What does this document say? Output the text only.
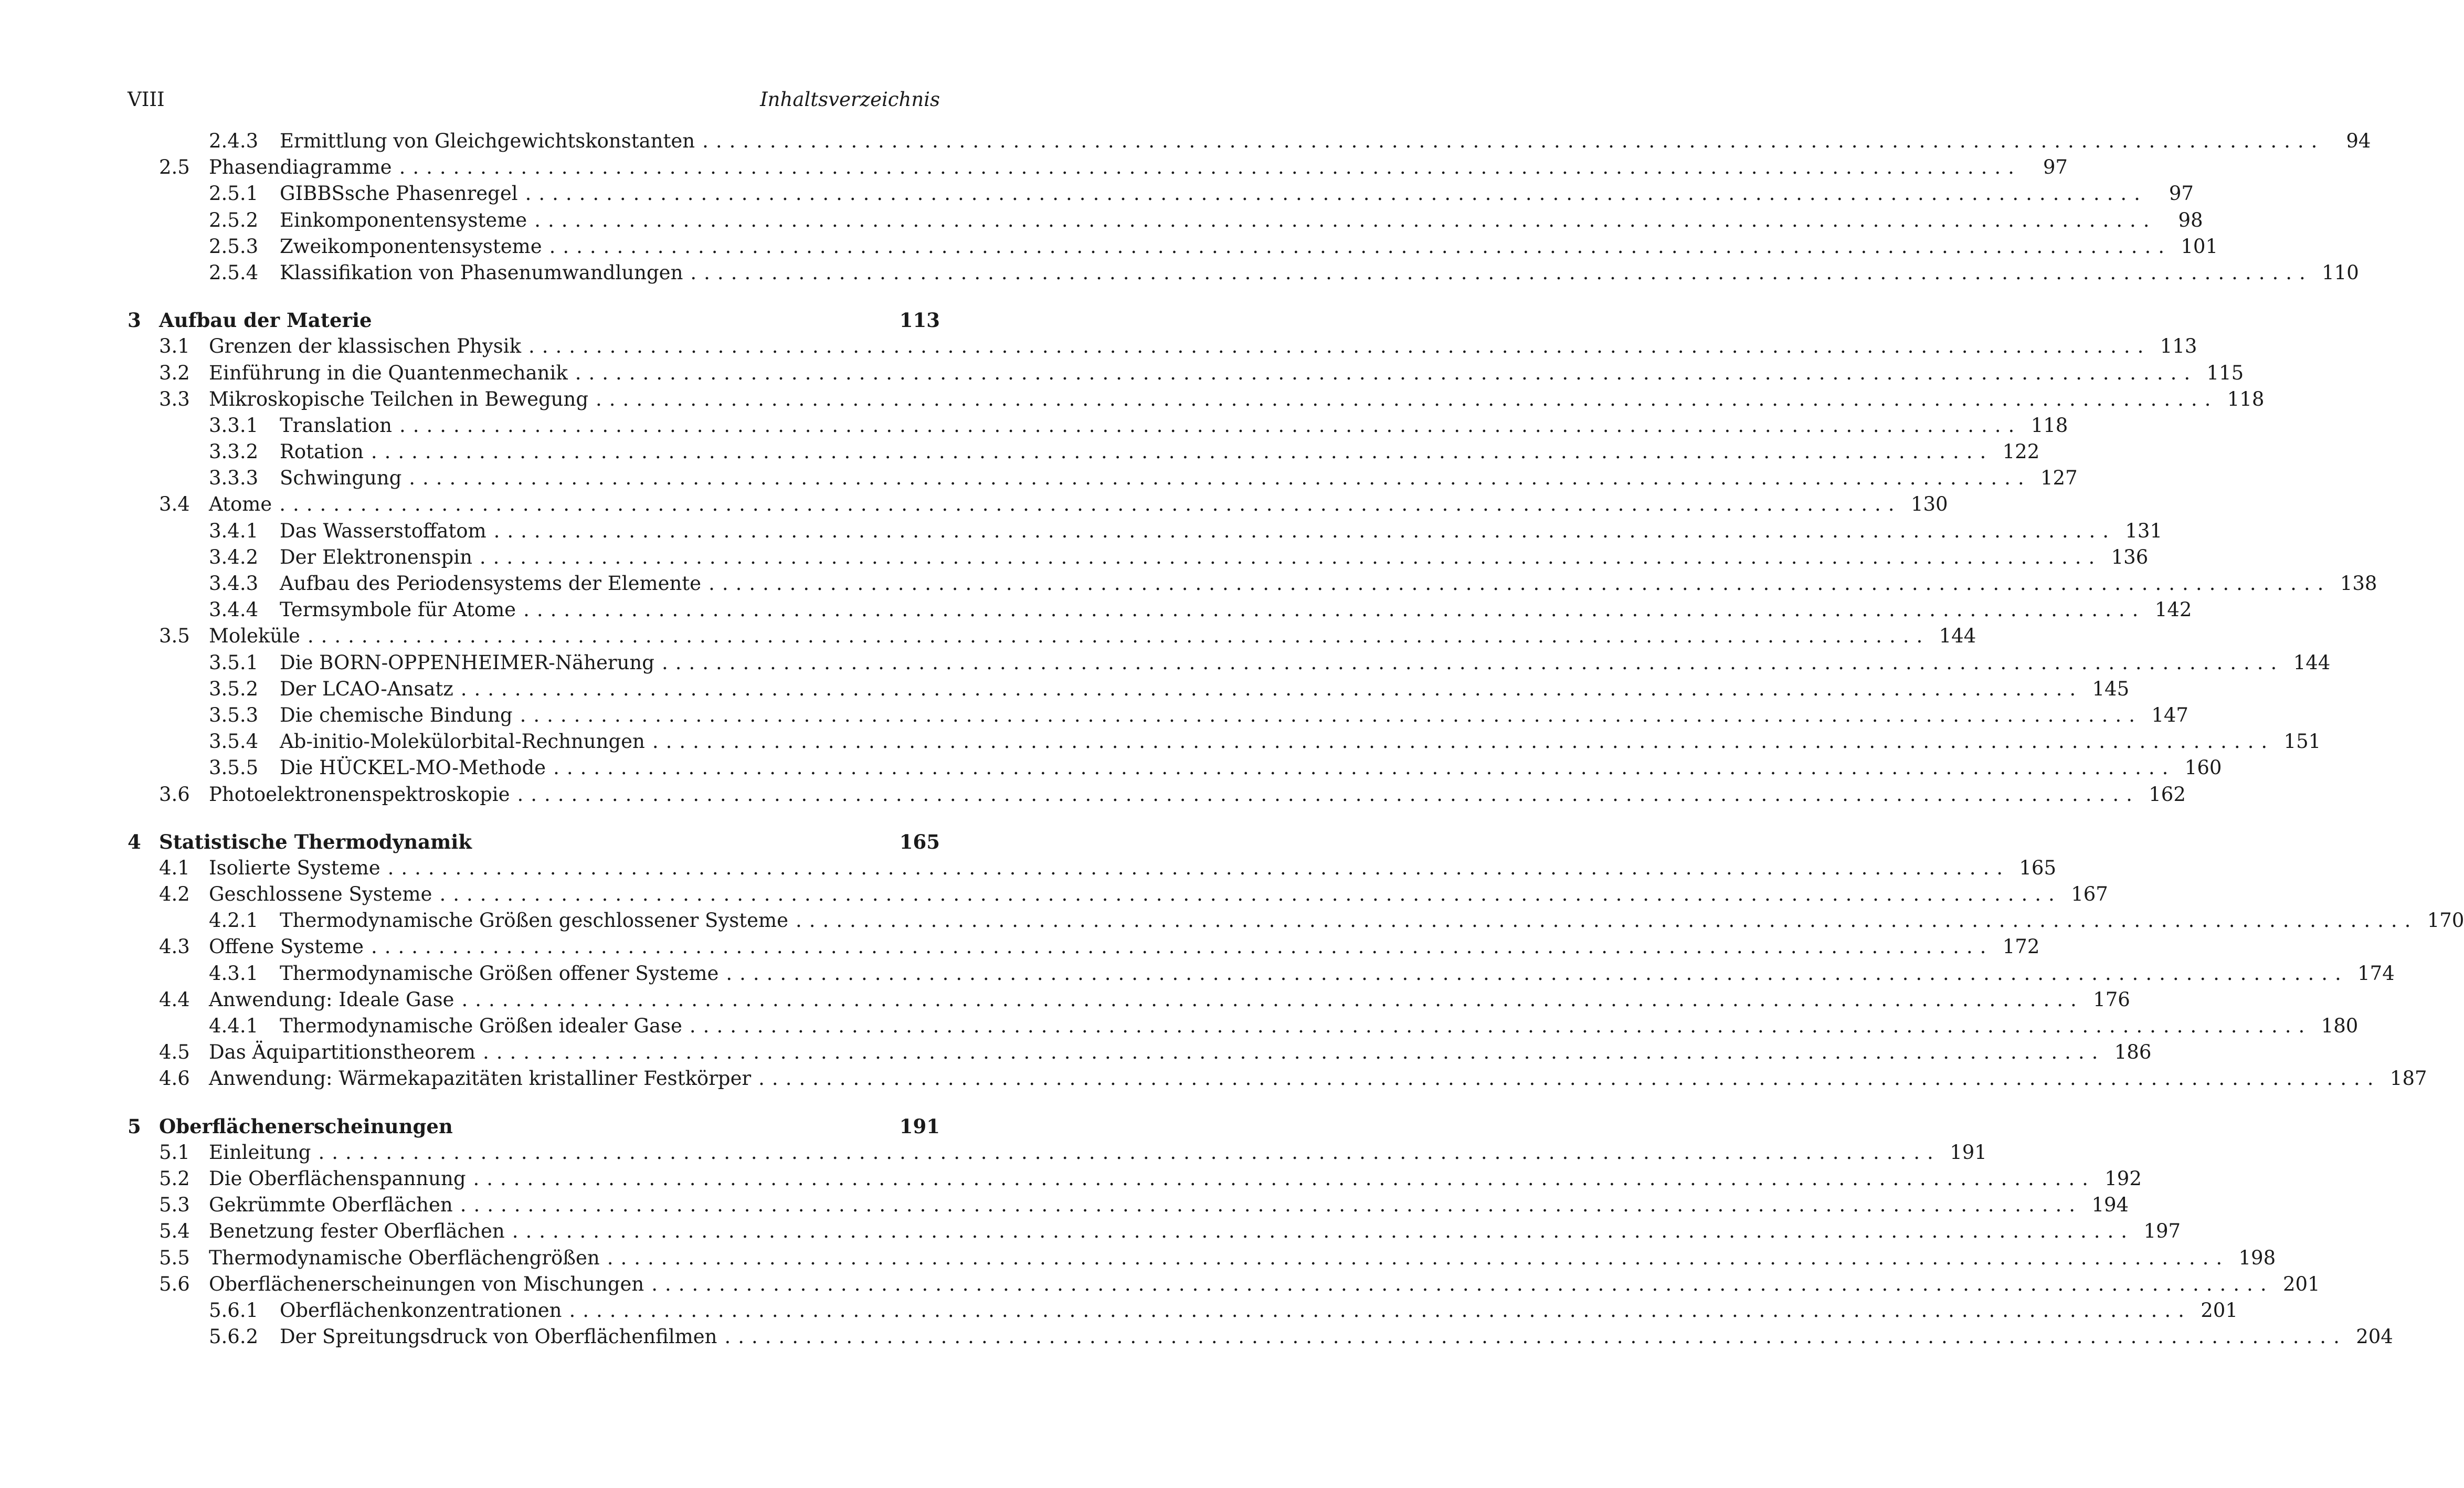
VIII	Inhaltsverzeichnis
2.4.3 Ermittlung von Gleichgewichtskonstanten ........................................................................................................................	94
2.5 Phasendiagramme ........................................................................................................................	97
2.5.1 GIBBSsche Phasenregel ........................................................................................................................	97
2.5.2 Einkomponentensysteme ........................................................................................................................	98
2.5.3 Zweikomponentensysteme ........................................................................................................................ 101
2.5.4 Klassifikation von Phasenumwandlungen ........................................................................................................................ 110
3 Aufbau der Materie	113
3.1 Grenzen der klassischen Physik ........................................................................................................................ 113
3.2 Einführung in die Quantenmechanik ........................................................................................................................ 115
3.3 Mikroskopische Teilchen in Bewegung ........................................................................................................................ 118
3.3.1 Translation ........................................................................................................................ 118
3.3.2 Rotation ........................................................................................................................ 122
3.3.3 Schwingung ........................................................................................................................ 127
3.4 Atome ........................................................................................................................ 130
3.4.1 Das Wasserstoffatom ........................................................................................................................ 131
3.4.2 Der Elektronenspin ........................................................................................................................ 136
3.4.3 Aufbau des Periodensystems der Elemente ........................................................................................................................ 138
3.4.4 Termsymbole für Atome ........................................................................................................................ 142
3.5 Moleküle ........................................................................................................................ 144
3.5.1 Die BORN-OPPENHEIMER-Näherung ........................................................................................................................ 144
3.5.2 Der LCAO-Ansatz ........................................................................................................................ 145
3.5.3 Die chemische Bindung ........................................................................................................................ 147
3.5.4 Ab-initio-Molekülorbital-Rechnungen ........................................................................................................................ 151
3.5.5 Die HÜCKEL-MO-Methode ........................................................................................................................ 160
3.6 Photoelektronenspektroskopie ........................................................................................................................ 162
4 Statistische Thermodynamik	165
4.1 Isolierte Systeme ........................................................................................................................ 165
4.2 Geschlossene Systeme ........................................................................................................................ 167
4.2.1 Thermodynamische Größen geschlossener Systeme ........................................................................................................................ 170
4.3 Offene Systeme ........................................................................................................................ 172
4.3.1 Thermodynamische Größen offener Systeme ........................................................................................................................ 174
4.4 Anwendung: Ideale Gase ........................................................................................................................ 176
4.4.1 Thermodynamische Größen idealer Gase ........................................................................................................................ 180
4.5 Das Äquipartitionstheorem ........................................................................................................................ 186
4.6 Anwendung: Wärmekapazitäten kristalliner Festkörper ........................................................................................................................ 187
5 Oberflächenerscheinungen	191
5.1 Einleitung ........................................................................................................................ 191
5.2 Die Oberflächenspannung ........................................................................................................................ 192
5.3 Gekrümmte Oberflächen ........................................................................................................................ 194
5.4 Benetzung fester Oberflächen ........................................................................................................................ 197
5.5 Thermodynamische Oberflächengrößen ........................................................................................................................ 198
5.6 Oberflächenerscheinungen von Mischungen ........................................................................................................................ 201
5.6.1 Oberflächenkonzentrationen ........................................................................................................................ 201
5.6.2 Der Spreitungsdruck von Oberflächenfilmen ........................................................................................................................ 204
